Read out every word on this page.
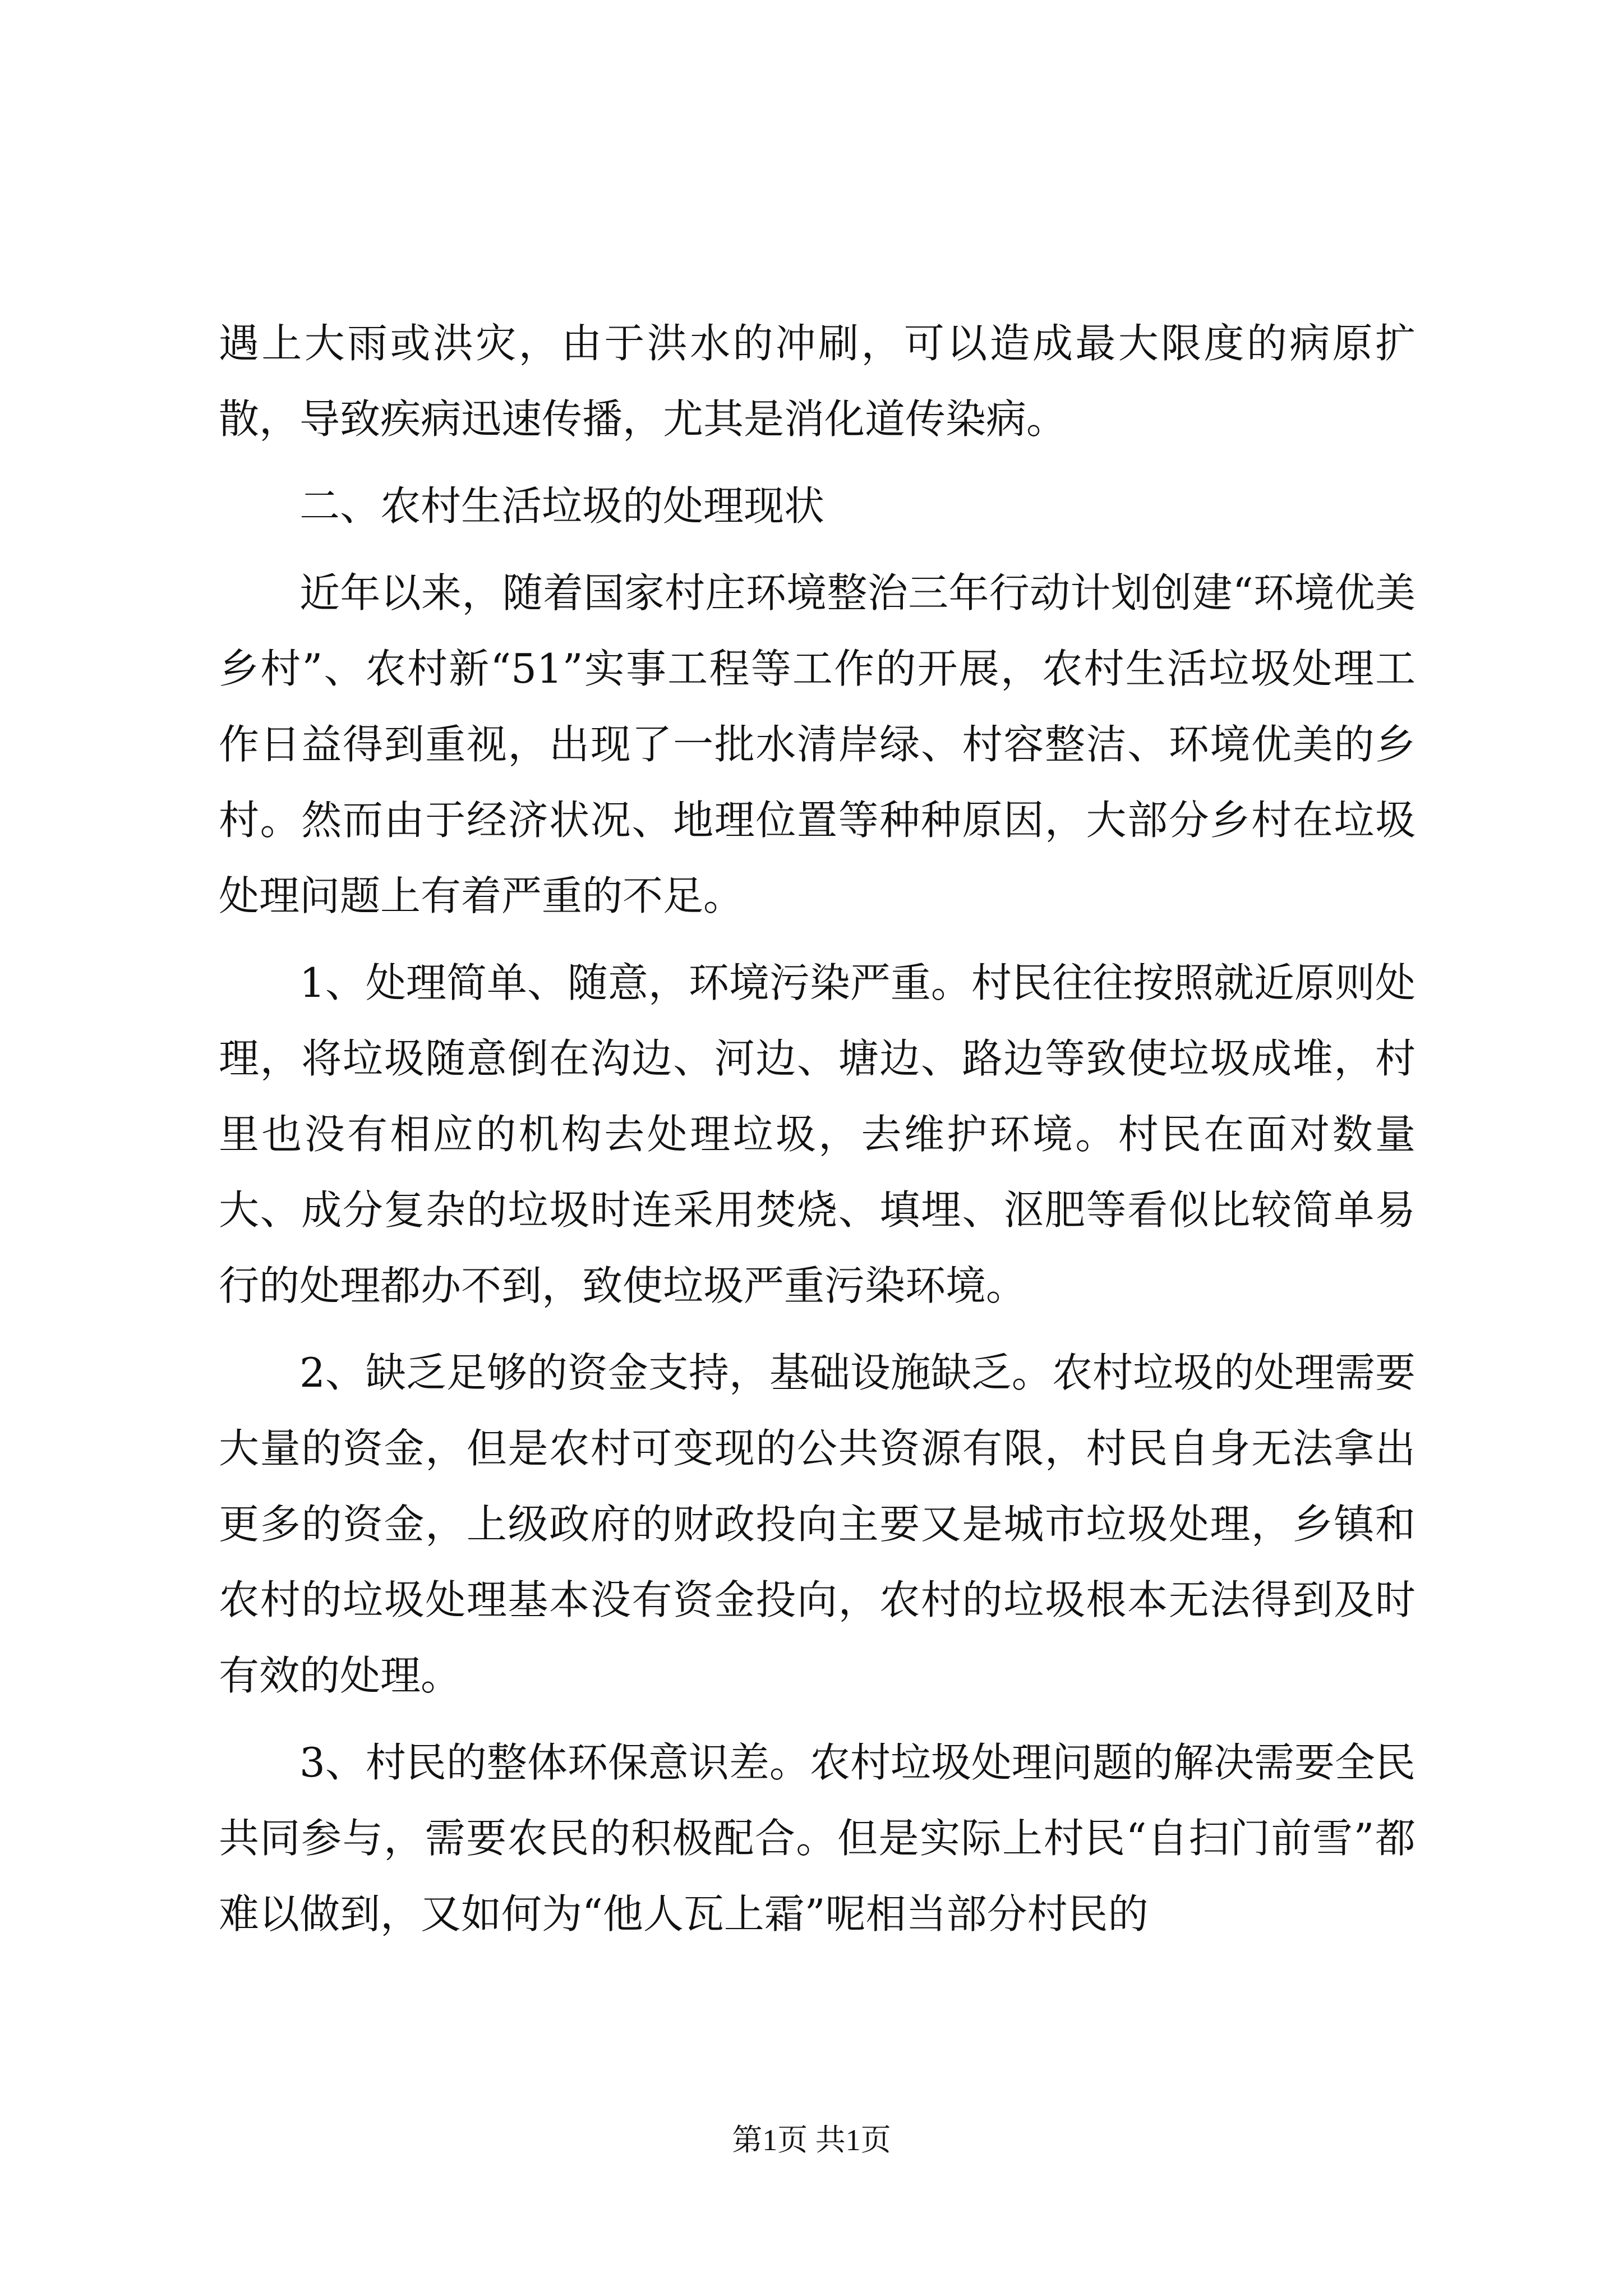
遇上大雨或洪灾，由于洪水的冲刷，可以造成最大限度的病原扩散，导致疾病迅速传播，尤其是消化道传染病。

二、农村生活垃圾的处理现状

近年以来，随着国家村庄环境整治三年行动计划创建“环境优美乡村”、农村新“51”实事工程等工作的开展，农村生活垃圾处理工作日益得到重视，出现了一批水清岸绿、村容整洁、环境优美的乡村。然而由于经济状况、地理位置等种种原因，大部分乡村在垃圾处理问题上有着严重的不足。

1、处理简单、随意，环境污染严重。村民往往按照就近原则处理，将垃圾随意倒在沟边、河边、塘边、路边等致使垃圾成堆，村里也没有相应的机构去处理垃圾，去维护环境。村民在面对数量大、成分复杂的垃圾时连采用焚烧、填埋、沤肥等看似比较简单易行的处理都办不到，致使垃圾严重污染环境。

2、缺乏足够的资金支持，基础设施缺乏。农村垃圾的处理需要大量的资金，但是农村可变现的公共资源有限，村民自身无法拿出更多的资金，上级政府的财政投向主要又是城市垃圾处理，乡镇和农村的垃圾处理基本没有资金投向，农村的垃圾根本无法得到及时有效的处理。

3、村民的整体环保意识差。农村垃圾处理问题的解决需要全民共同参与，需要农民的积极配合。但是实际上村民“自扫门前雪”都难以做到，又如何为“他人瓦上霜”呢相当部分村民的

第1页 共1页
